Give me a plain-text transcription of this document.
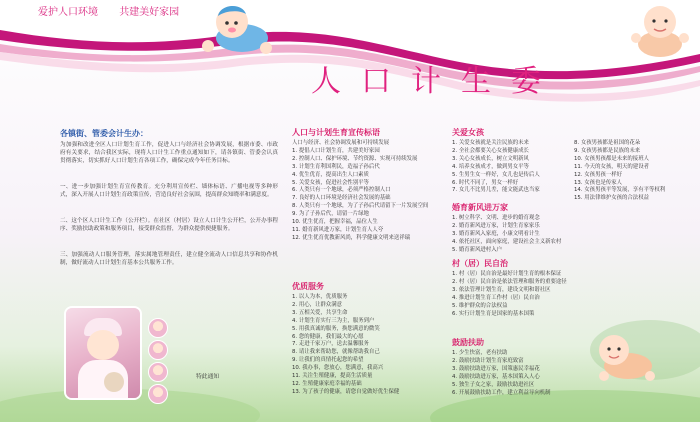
爱护人口环境 共建美好家园
人口计生委
各镇街、管委会计生办：
为加强和改进全区人口计划生育工作，促进人口与经济社会协调发展，根据市委、市政府有关要求，结合我区实际，现将人口计生工作重点通知如下，请各镇街、管委会认真贯彻落实，切实抓好人口计划生育各项工作，确保完成今年任务目标。
一、进一步加强计划生育宣传教育。充分利用宣传栏、墙体标语、广播电视等多种形式，深入开展人口计划生育政策宣传，营造良好社会氛围，提高群众知晓率和满意度。
二、这个区人口计生工作（公开栏）。在社区（村居）设立人口计生公开栏，公开办事程序、奖励扶助政策和服务项目，接受群众监督，为群众提供便捷服务。
三、加强流动人口服务管理，落实属地管理责任，建立健全流动人口信息共享和协作机制，做好流动人口计划生育基本公共服务工作。
特此通知
人口与计划生育宣传标语
人口与经济、社会协调发展和可持续发展
1. 提倡人口计划生育，共建美好家园
2. 控制人口、保护环境、节约资源、实现可持续发展
3. 计划生育利国利民，造福子孙后代
4. 优生优育，提高出生人口素质
5. 关爱女孩，促进社会性别平等
6. 人类只有一个地球，必须严格控制人口
7. 良好的人口环境是经济社会发展的基础
8. 人类只有一个地球，为了子孙后代请留下一片发展空间
9. 为了子孙后代，请留一片绿地
10. 优生优育，把握幸福，品位人生
11. 婚育新风进万家，计划生育人人夸
12. 优生优育优教新风尚，科学健康文明来送祥瑞
优质服务
1. 以人为本，优质服务
2. 用心，让群众满意
3. 五相关爱，共享生命
4. 计划生育实行三为主，服务到户
5. 用我真诚的服务，换您满意的微笑
6. 您的健康，我们最大的心愿
7. 走进千家万户，送去温馨服务
8. 请让我来帮助您，就像帮助我自己
9. 让我们的真情托起您的希望
10. 我办事，您放心，您满意，我高兴
11. 关注生殖健康，提高生活质量
12. 生殖健康家庭幸福的基础
13. 为了孩子的健康，请您自觉做好优生保健
关爱女孩
1. 关爱女孩就是关注民族的未来
2. 全社会都要关心女孩健康成长
3. 关心女孩成长，树立文明新风
4. 培养女孩成才，做到男女平等
5. 生男生女一样好，女儿也是传后人
6. 时代不同了，男女一样好
7. 女儿不比男儿差，能文能武也当家
8. 女孩男孩都是祖国的花朵
9. 女孩男孩都是民族的未来
10. 女孩男孩都是未来的接班人
11. 今天的女孩，明天的建设者
12. 女孩男孩一样好
13. 女孩也是传家人
14. 女孩男孩平等发展，享有平等权利
15. 用法律维护女孩的合法权益
婚育新风进万家
1. 树立科学、文明、进步的婚育观念
2. 婚育新风进万家，计划生育家家乐
3. 婚育新风入家庭，小康文明看计生
4. 依托社区，面向家庭，建设社会主义新农村
5. 婚育新风进村入户
村（居）民自治
1. 村（居）民自治是最好计划生育的根本保证
2. 村（居）民自治是依法管理和服务的重要途径
3. 依法管理计划生育，建设文明和谐社区
4. 推进计划生育工作村（居）民自治
5. 维护群众的合法权益
6. 实行计划生育是国家的基本国策
鼓励扶助
1. 少生快富，老有扶助
2. 鼓励扶助计划生育家庭致富
3. 鼓励扶助进万家，国策惠民幸福花
4. 鼓励扶助进万家，基本国策入人心
5. 独生子女之家，鼓励扶助进社区
6. 开展鼓励扶助工作，建立利益导向机制
